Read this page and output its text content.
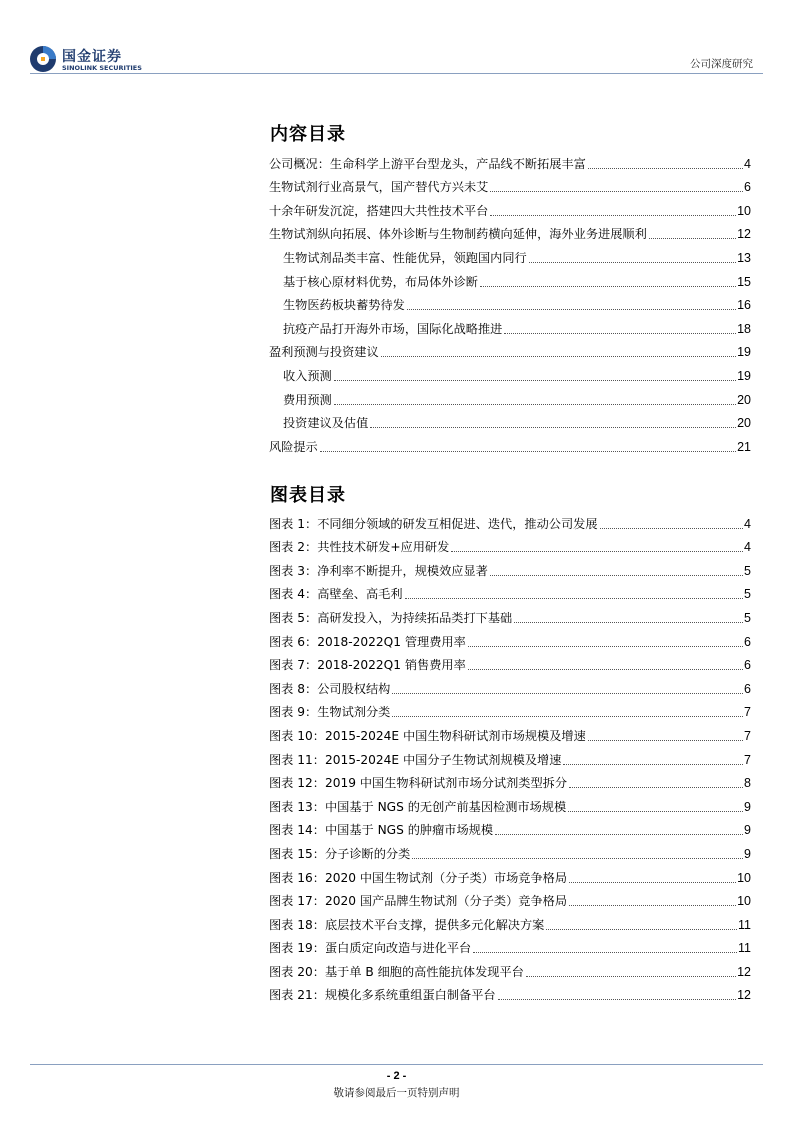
国金证券
SINOLINK SECURITIES	公司深度研究
内容目录
公司概况：生命科学上游平台型龙头，产品线不断拓展丰富	4
生物试剂行业高景气，国产替代方兴未艾	6
十余年研发沉淀，搭建四大共性技术平台	10
生物试剂纵向拓展、体外诊断与生物制药横向延伸，海外业务进展顺利	12
生物试剂品类丰富、性能优异，领跑国内同行	13
基于核心原材料优势，布局体外诊断	15
生物医药板块蓄势待发	16
抗疫产品打开海外市场，国际化战略推进	18
盈利预测与投资建议	19
收入预测	19
费用预测	20
投资建议及估值	20
风险提示	21
图表目录
图表 1：不同细分领域的研发互相促进、迭代，推动公司发展	4
图表 2：共性技术研发+应用研发	4
图表 3：净利率不断提升，规模效应显著	5
图表 4：高壁垒、高毛利	5
图表 5：高研发投入，为持续拓品类打下基础	5
图表 6：2018-2022Q1 管理费用率	6
图表 7：2018-2022Q1 销售费用率	6
图表 8：公司股权结构	6
图表 9：生物试剂分类	7
图表 10：2015-2024E 中国生物科研试剂市场规模及增速	7
图表 11：2015-2024E 中国分子生物试剂规模及增速	7
图表 12：2019 中国生物科研试剂市场分试剂类型拆分	8
图表 13：中国基于 NGS 的无创产前基因检测市场规模	9
图表 14：中国基于 NGS 的肿瘤市场规模	9
图表 15：分子诊断的分类	9
图表 16：2020 中国生物试剂（分子类）市场竞争格局	10
图表 17：2020 国产品牌生物试剂（分子类）竞争格局	10
图表 18：底层技术平台支撑，提供多元化解决方案	11
图表 19：蛋白质定向改造与进化平台	11
图表 20：基于单 B 细胞的高性能抗体发现平台	12
图表 21：规模化多系统重组蛋白制备平台	12
- 2 -
敬请参阅最后一页特别声明
